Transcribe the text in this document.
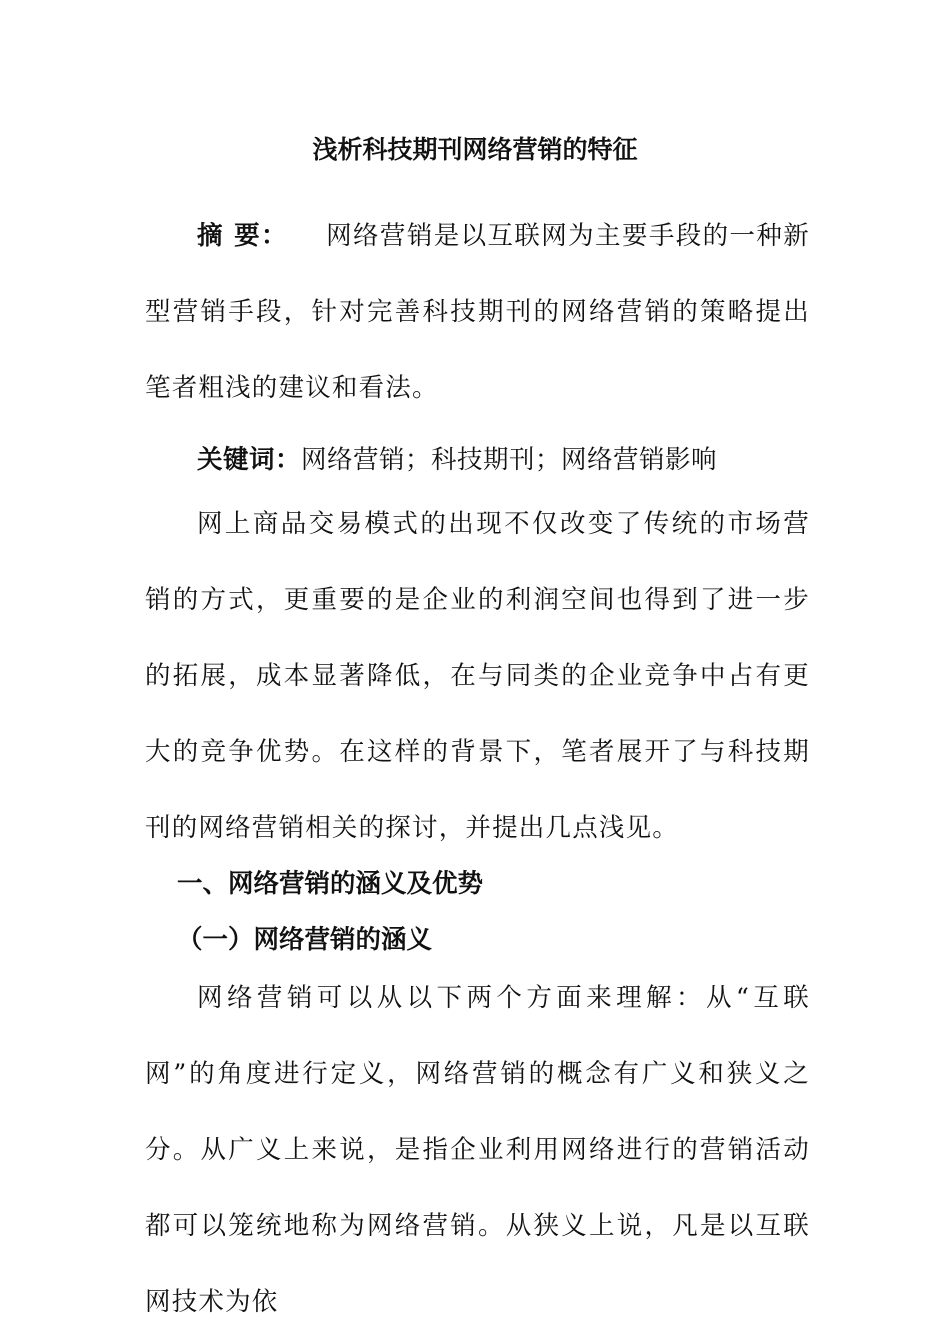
浅析科技期刊网络营销的特征

摘 要： 网络营销是以互联网为主要手段的一种新型营销手段，针对完善科技期刊的网络营销的策略提出笔者粗浅的建议和看法。

关键词：网络营销；科技期刊；网络营销影响

网上商品交易模式的出现不仅改变了传统的市场营销的方式，更重要的是企业的利润空间也得到了进一步的拓展，成本显著降低，在与同类的企业竞争中占有更大的竞争优势。在这样的背景下，笔者展开了与科技期刊的网络营销相关的探讨，并提出几点浅见。

一、网络营销的涵义及优势

（一）网络营销的涵义

网络营销可以从以下两个方面来理解：从“互联网”的角度进行定义，网络营销的概念有广义和狭义之分。从广义上来说，是指企业利用网络进行的营销活动都可以笼统地称为网络营销。从狭义上说，凡是以互联网技术为依
